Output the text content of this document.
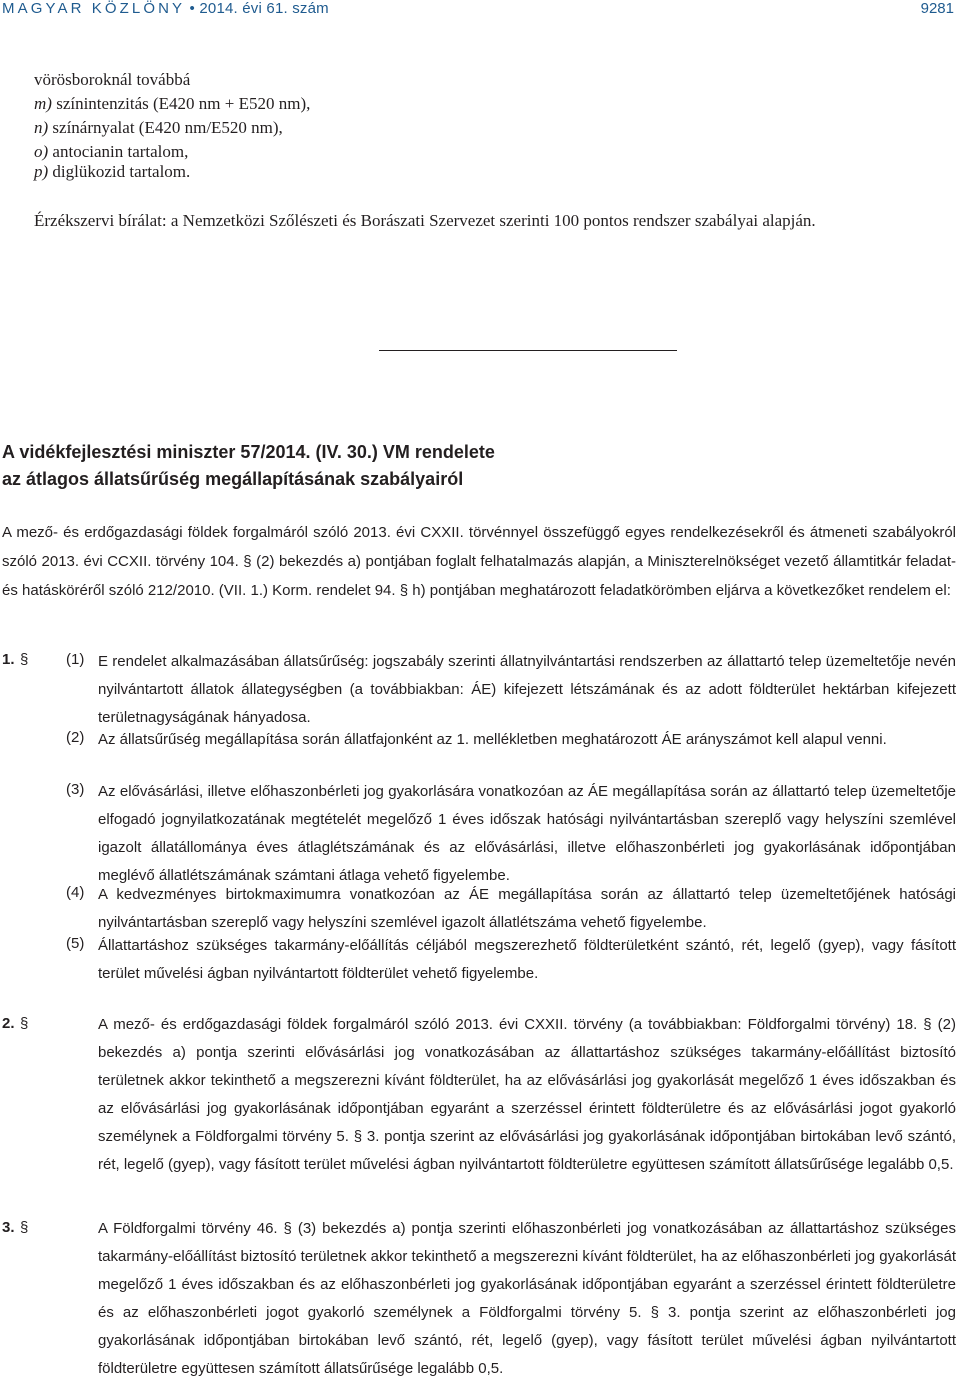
MAGYAR KÖZLÖNY • 2014. évi 61. szám	9281
vörösboroknál továbbá
m) színintenzitás (E420 nm + E520 nm),
n) színárnyalat (E420 nm/E520 nm),
o) antocianin tartalom,
p) diglükozid tartalom.
Érzékszervi bírálat: a Nemzetközi Szőlészeti és Borászati Szervezet szerinti 100 pontos rendszer szabályai alapján.
A vidékfejlesztési miniszter 57/2014. (IV. 30.) VM rendelete
az átlagos állatsűrűség megállapításának szabályairól
A mező- és erdőgazdasági földek forgalmáról szóló 2013. évi CXXII. törvénnyel összefüggő egyes rendelkezésekről és átmeneti szabályokról szóló 2013. évi CCXII. törvény 104. § (2) bekezdés a) pontjában foglalt felhatalmazás alapján, a Miniszterelnökséget vezető államtitkár feladat- és hatásköréről szóló 212/2010. (VII. 1.) Korm. rendelet 94. § h) pontjában meghatározott feladatkörömben eljárva a következőket rendelem el:
1. §	(1) E rendelet alkalmazásában állatsűrűség: jogszabály szerinti állatnyilvántartási rendszerben az állattartó telep üzemeltetője nevén nyilvántartott állatok állategységben (a továbbiakban: ÁE) kifejezett létszámának és az adott földterület hektárban kifejezett területnagyságának hányadosa.
(2) Az állatsűrűség megállapítása során állatfajonként az 1. mellékletben meghatározott ÁE arányszámot kell alapul venni.
(3) Az elővásárlási, illetve előhaszonbérleti jog gyakorlására vonatkozóan az ÁE megállapítása során az állattartó telep üzemeltetője elfogadó jognyilatkozatának megtételét megelőző 1 éves időszak hatósági nyilvántartásban szereplő vagy helyszíni szemlével igazolt állatállománya éves átlaglétszámának és az elővásárlási, illetve előhaszonbérleti jog gyakorlásának időpontjában meglévő állatlétszámának számtani átlaga vehető figyelembe.
(4) A kedvezményes birtokmaximumra vonatkozóan az ÁE megállapítása során az állattartó telep üzemeltetőjének hatósági nyilvántartásban szereplő vagy helyszíni szemlével igazolt állatlétszáma vehető figyelembe.
(5) Állattartáshoz szükséges takarmány-előállítás céljából megszerezhető földterületként szántó, rét, legelő (gyep), vagy fásított terület művelési ágban nyilvántartott földterület vehető figyelembe.
2. §	A mező- és erdőgazdasági földek forgalmáról szóló 2013. évi CXXII. törvény (a továbbiakban: Földforgalmi törvény) 18. § (2) bekezdés a) pontja szerinti elővásárlási jog vonatkozásában az állattartáshoz szükséges takarmány-előállítást biztosító területnek akkor tekinthető a megszerezni kívánt földterület, ha az elővásárlási jog gyakorlását megelőző 1 éves időszakban és az elővásárlási jog gyakorlásának időpontjában egyaránt a szerzéssel érintett földterületre és az elővásárlási jogot gyakorló személynek a Földforgalmi törvény 5. § 3. pontja szerint az elővásárlási jog gyakorlásának időpontjában birtokában levő szántó, rét, legelő (gyep), vagy fásított terület művelési ágban nyilvántartott földterületre együttesen számított állatsűrűsége legalább 0,5.
3. §	A Földforgalmi törvény 46. § (3) bekezdés a) pontja szerinti előhaszonbérleti jog vonatkozásában az állattartáshoz szükséges takarmány-előállítást biztosító területnek akkor tekinthető a megszerezni kívánt földterület, ha az előhaszonbérleti jog gyakorlását megelőző 1 éves időszakban és az előhaszonbérleti jog gyakorlásának időpontjában egyaránt a szerzéssel érintett földterületre és az előhaszonbérleti jogot gyakorló személynek a Földforgalmi törvény 5. § 3. pontja szerint az előhaszonbérleti jog gyakorlásának időpontjában birtokában levő szántó, rét, legelő (gyep), vagy fásított terület művelési ágban nyilvántartott földterületre együttesen számított állatsűrűsége legalább 0,5.
